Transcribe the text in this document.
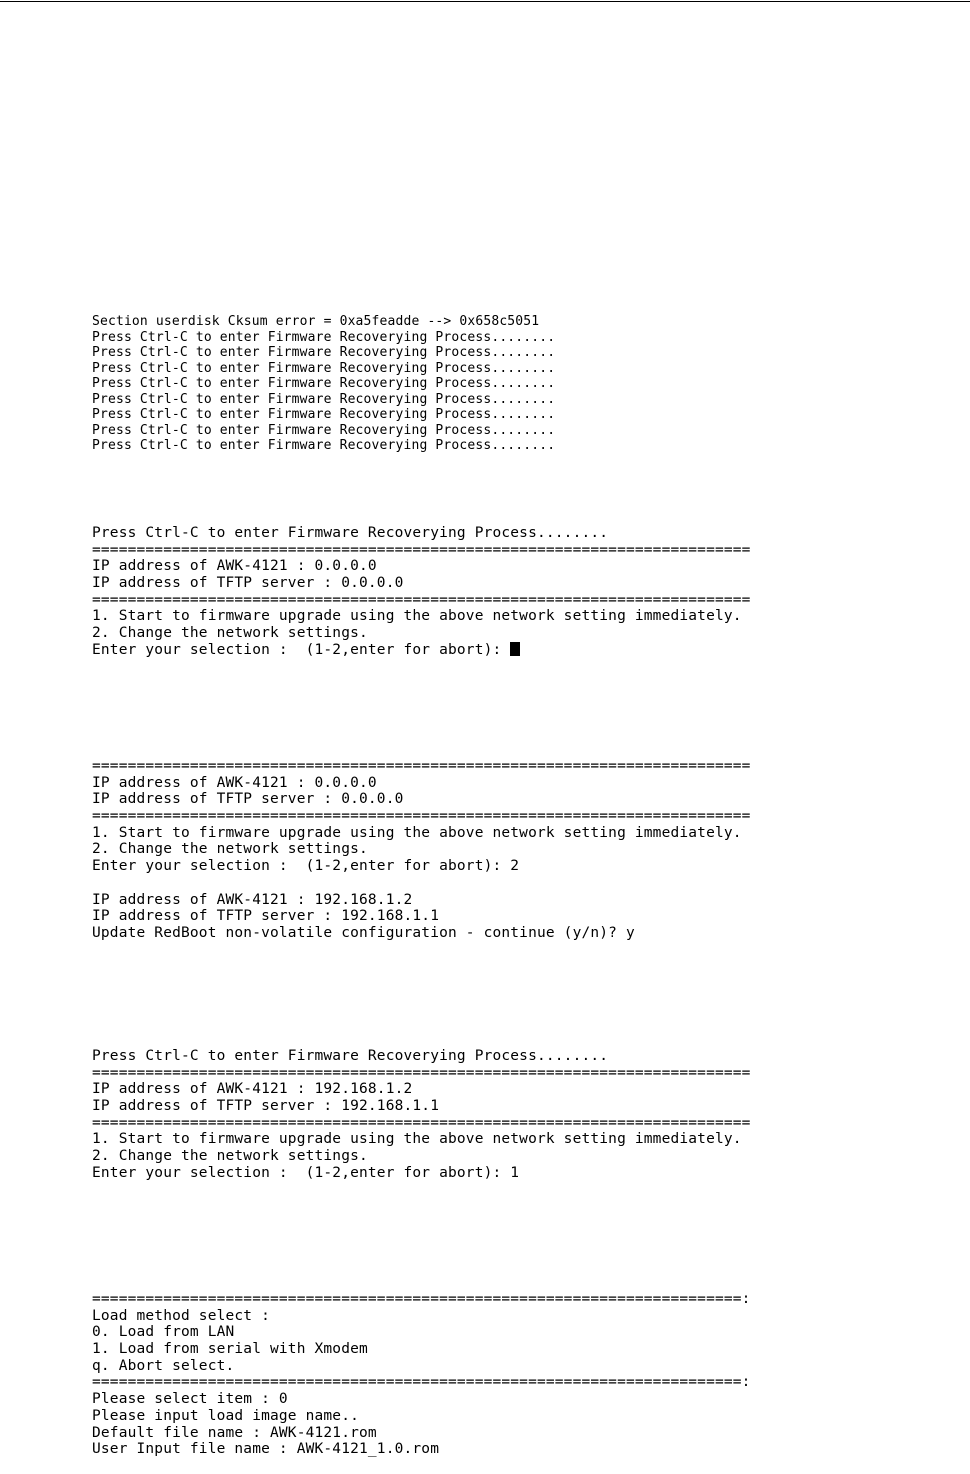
Section userdisk Cksum error = 0xa5feadde --> 0x658c5051
Press Ctrl-C to enter Firmware Recoverying Process........
Press Ctrl-C to enter Firmware Recoverying Process........
Press Ctrl-C to enter Firmware Recoverying Process........
Press Ctrl-C to enter Firmware Recoverying Process........
Press Ctrl-C to enter Firmware Recoverying Process........
Press Ctrl-C to enter Firmware Recoverying Process........
Press Ctrl-C to enter Firmware Recoverying Process........
Press Ctrl-C to enter Firmware Recoverying Process........
Press Ctrl-C to enter Firmware Recoverying Process........
==========================================================================
IP address of AWK-4121 : 0.0.0.0
IP address of TFTP server : 0.0.0.0
==========================================================================
1. Start to firmware upgrade using the above network setting immediately.
2. Change the network settings.
Enter your selection :  (1-2,enter for abort):
==========================================================================
IP address of AWK-4121 : 0.0.0.0
IP address of TFTP server : 0.0.0.0
==========================================================================
1. Start to firmware upgrade using the above network setting immediately.
2. Change the network settings.
Enter your selection :  (1-2,enter for abort): 2
IP address of AWK-4121 : 192.168.1.2
IP address of TFTP server : 192.168.1.1
Update RedBoot non-volatile configuration - continue (y/n)? y
Press Ctrl-C to enter Firmware Recoverying Process........
==========================================================================
IP address of AWK-4121 : 192.168.1.2
IP address of TFTP server : 192.168.1.1
==========================================================================
1. Start to firmware upgrade using the above network setting immediately.
2. Change the network settings.
Enter your selection :  (1-2,enter for abort): 1
=========================================================================:
Load method select :
0. Load from LAN
1. Load from serial with Xmodem
q. Abort select.
=========================================================================:
Please select item : 0
Please input load image name..
Default file name : AWK-4121.rom
User Input file name : AWK-4121_1.0.rom
